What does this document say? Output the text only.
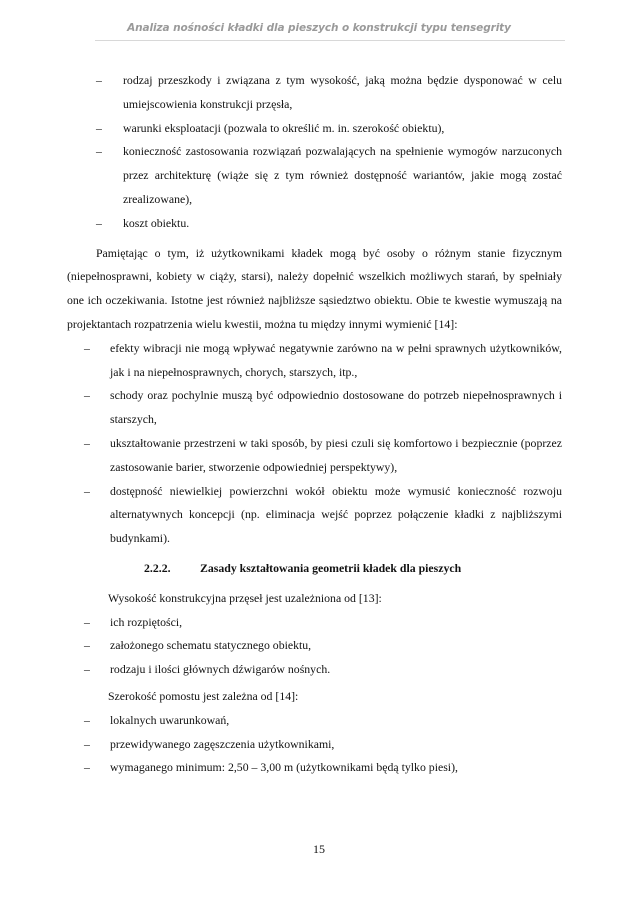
Analiza nośności kładki dla pieszych o konstrukcji typu tensegrity
–	rodzaj przeszkody i związana z tym wysokość, jaką można będzie dysponować w celu umiejscowienia konstrukcji przęsła,
–	warunki eksploatacji (pozwala to określić m. in. szerokość obiektu),
–	konieczność zastosowania rozwiązań pozwalających na spełnienie wymogów narzuconych przez architekturę (wiąże się z tym również dostępność wariantów, jakie mogą zostać zrealizowane),
–	koszt obiektu.

Pamiętając o tym, iż użytkownikami kładek mogą być osoby o różnym stanie fizycznym (niepełnosprawni, kobiety w ciąży, starsi), należy dopełnić wszelkich możliwych starań, by spełniały one ich oczekiwania. Istotne jest również najbliższe sąsiedztwo obiektu. Obie te kwestie wymuszają na projektantach rozpatrzenia wielu kwestii, można tu między innymi wymienić [14]:

–	efekty wibracji nie mogą wpływać negatywnie zarówno na w pełni sprawnych użytkowników, jak i na niepełnosprawnych, chorych, starszych, itp.,
–	schody oraz pochylnie muszą być odpowiednio dostosowane do potrzeb niepełnosprawnych i starszych,
–	ukształtowanie przestrzeni w taki sposób, by piesi czuli się komfortowo i bezpiecznie (poprzez zastosowanie barier, stworzenie odpowiedniej perspektywy),
–	dostępność niewielkiej powierzchni wokół obiektu może wymusić konieczność rozwoju alternatywnych koncepcji (np. eliminacja wejść poprzez połączenie kładki z najbliższymi budynkami).
2.2.2. Zasady kształtowania geometrii kładek dla pieszych

Wysokość konstrukcyjna przęseł jest uzależniona od [13]:

–	ich rozpiętości,
–	założonego schematu statycznego obiektu,
–	rodzaju i ilości głównych dźwigarów nośnych.

Szerokość pomostu jest zależna od [14]:

–	lokalnych uwarunkowań,
–	przewidywanego zagęszczenia użytkownikami,
–	wymaganego minimum: 2,50 – 3,00 m (użytkownikami będą tylko piesi),
15
